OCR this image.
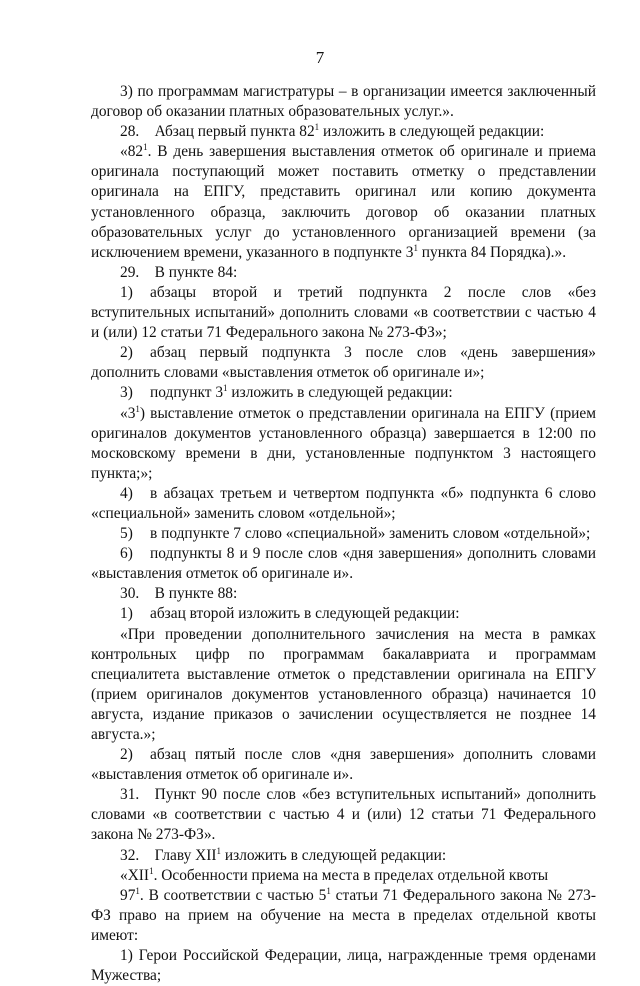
7

3) по программам магистратуры – в организации имеется заключенный договор об оказании платных образовательных услуг.».

28. Абзац первый пункта $82^1$ изложить в следующей редакции:

«$82^1$. В день завершения выставления отметок об оригинале и приема оригинала поступающий может поставить отметку о представлении оригинала на ЕПГУ, представить оригинал или копию документа установленного образца, заключить договор об оказании платных образовательных услуг до установленного организацией времени (за исключением времени, указанного в подпункте $3^1$ пункта 84 Порядка).».

29. В пункте 84:

1) абзацы второй и третий подпункта 2 после слов «без вступительных испытаний» дополнить словами «в соответствии с частью 4 и (или) 12 статьи 71 Федерального закона № 273-ФЗ»;

2) абзац первый подпункта 3 после слов «день завершения» дополнить словами «выставления отметок об оригинале и»;

3) подпункт $3^1$ изложить в следующей редакции:

«$3^1$) выставление отметок о представлении оригинала на ЕПГУ (прием оригиналов документов установленного образца) завершается в 12:00 по московскому времени в дни, установленные подпунктом 3 настоящего пункта;»;

4) в абзацах третьем и четвертом подпункта «б» подпункта 6 слово «специальной» заменить словом «отдельной»;

5) в подпункте 7 слово «специальной» заменить словом «отдельной»;

6) подпункты 8 и 9 после слов «дня завершения» дополнить словами «выставления отметок об оригинале и».

30. В пункте 88:

1) абзац второй изложить в следующей редакции:

«При проведении дополнительного зачисления на места в рамках контрольных цифр по программам бакалавриата и программам специалитета выставление отметок о представлении оригинала на ЕПГУ (прием оригиналов документов установленного образца) начинается 10 августа, издание приказов о зачислении осуществляется не позднее 14 августа.»;

2) абзац пятый после слов «дня завершения» дополнить словами «выставления отметок об оригинале и».

31. Пункт 90 после слов «без вступительных испытаний» дополнить словами «в соответствии с частью 4 и (или) 12 статьи 71 Федерального закона № 273-ФЗ».

32. Главу XII$^1$ изложить в следующей редакции:

«XII$^1$. Особенности приема на места в пределах отдельной квоты

$97^1$. В соответствии с частью $5^1$ статьи 71 Федерального закона № 273-ФЗ право на прием на обучение на места в пределах отдельной квоты имеют:

1) Герои Российской Федерации, лица, награжденные тремя орденами Мужества;
